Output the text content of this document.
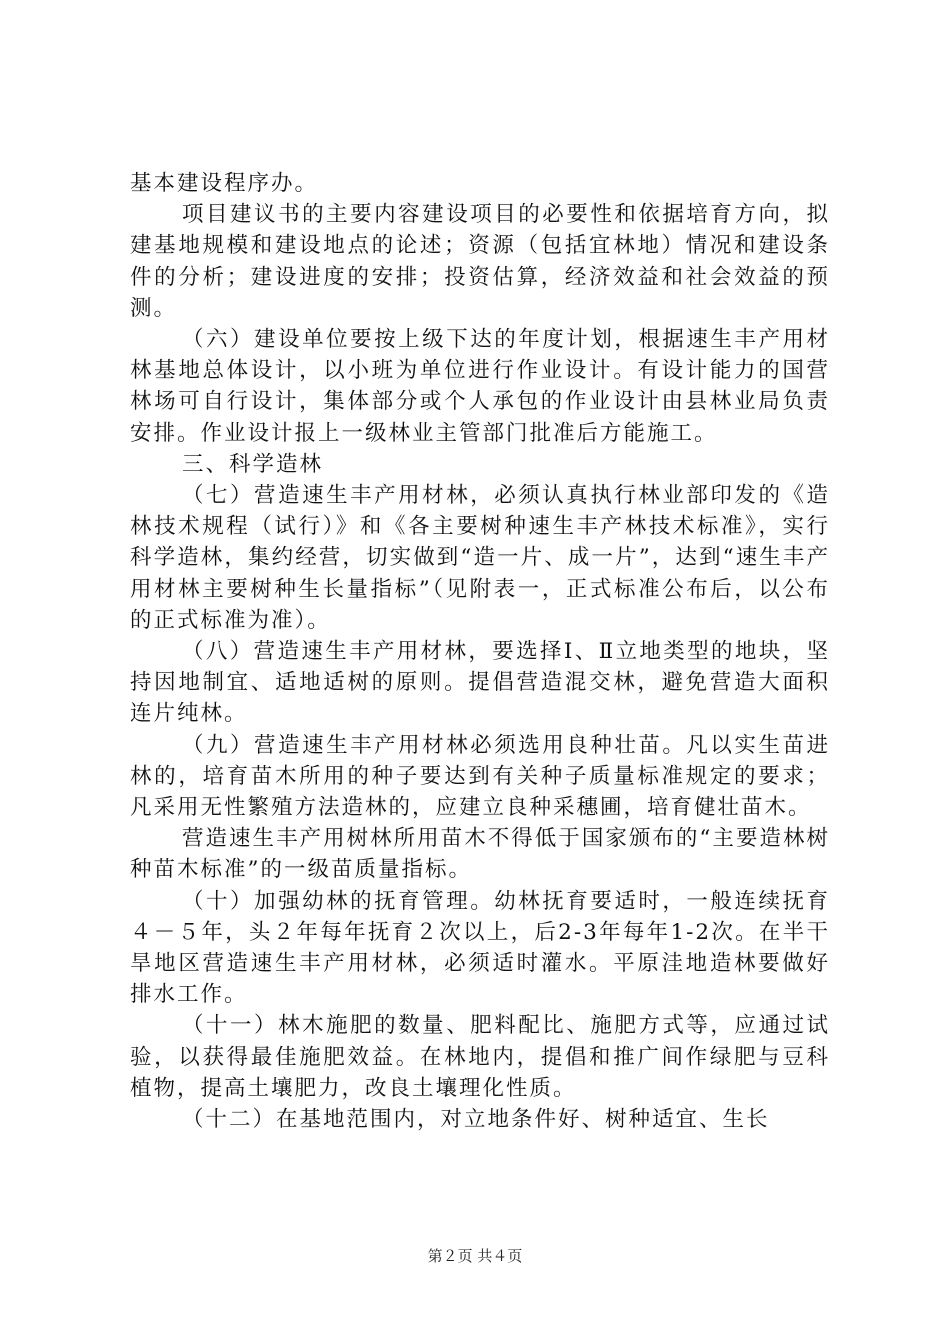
基本建设程序办。

项目建议书的主要内容建设项目的必要性和依据培育方向，拟建基地规模和建设地点的论述；资源（包括宜林地）情况和建设条件的分析；建设进度的安排；投资估算，经济效益和社会效益的预测。

（六）建设单位要按上级下达的年度计划，根据速生丰产用材林基地总体设计，以小班为单位进行作业设计。有设计能力的国营林场可自行设计，集体部分或个人承包的作业设计由县林业局负责安排。作业设计报上一级林业主管部门批准后方能施工。

三、科学造林

（七）营造速生丰产用材林，必须认真执行林业部印发的《造林技术规程（试行）》和《各主要树种速生丰产林技术标准》，实行科学造林，集约经营，切实做到“造一片、成一片”，达到“速生丰产用材林主要树种生长量指标”（见附表一，正式标准公布后，以公布的正式标准为准）。

（八）营造速生丰产用材林，要选择Ⅰ、Ⅱ立地类型的地块，坚持因地制宜、适地适树的原则。提倡营造混交林，避免营造大面积连片纯林。

（九）营造速生丰产用材林必须选用良种壮苗。凡以实生苗进林的，培育苗木所用的种子要达到有关种子质量标准规定的要求；凡采用无性繁殖方法造林的，应建立良种采穗圃，培育健壮苗木。

营造速生丰产用树林所用苗木不得低于国家颁布的“主要造林树种苗木标准”的一级苗质量指标。

（十）加强幼林的抚育管理。幼林抚育要适时，一般连续抚育４－５年，头２年每年抚育２次以上，后2-3年每年1-2次。在半干旱地区营造速生丰产用材林，必须适时灌水。平原洼地造林要做好排水工作。

（十一）林木施肥的数量、肥料配比、施肥方式等，应通过试验，以获得最佳施肥效益。在林地内，提倡和推广间作绿肥与豆科植物，提高土壤肥力，改良土壤理化性质。

（十二）在基地范围内，对立地条件好、树种适宜、生长

第２页 共４页
